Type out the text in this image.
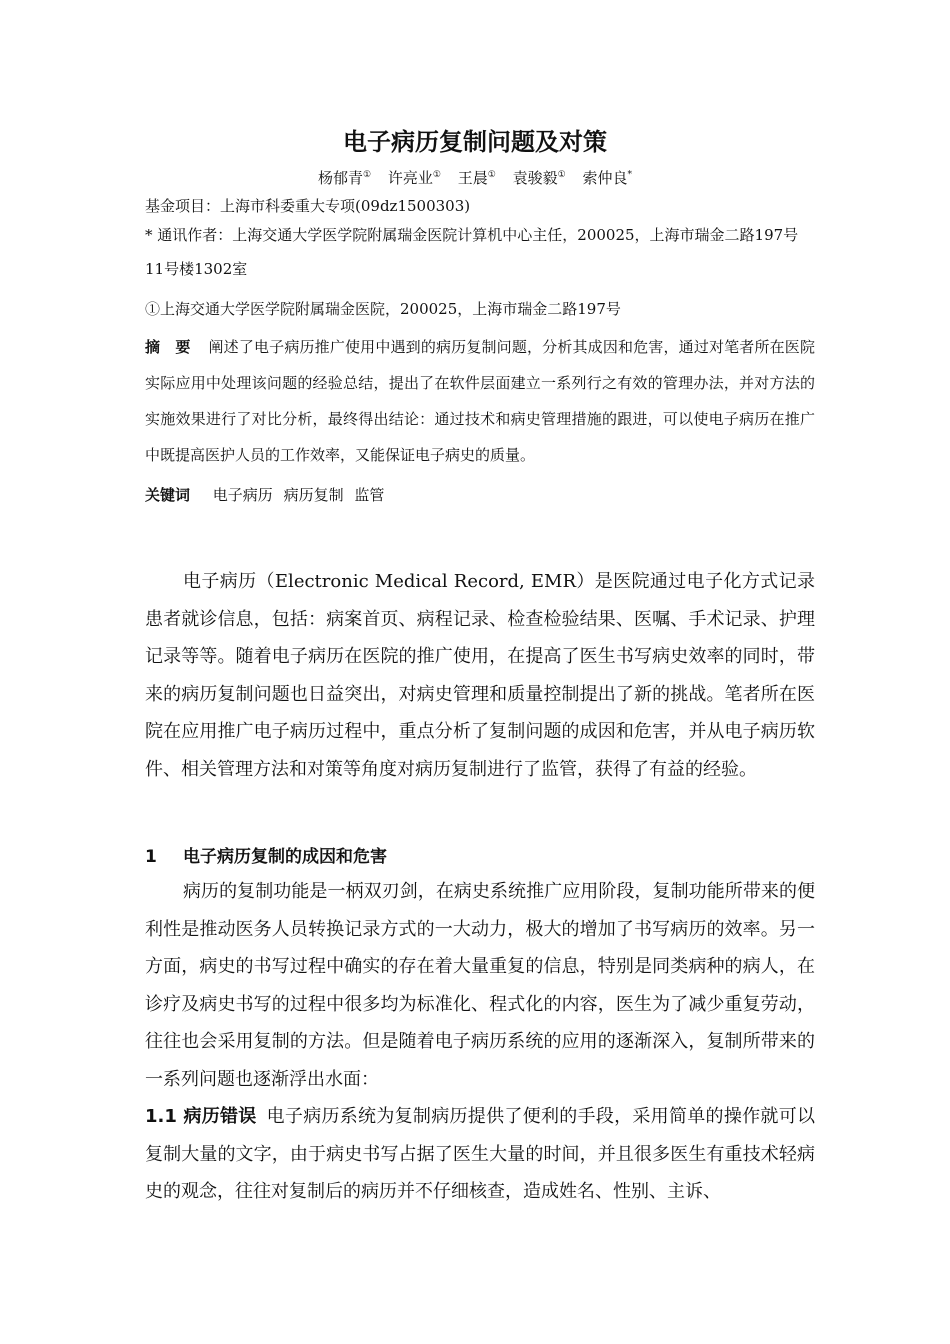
电子病历复制问题及对策
杨郁青① 许亮业① 王晨① 袁骏毅① 索仲良*
基金项目：上海市科委重大专项(09dz1500303)
* 通讯作者：上海交通大学医学院附属瑞金医院计算机中心主任，200025，上海市瑞金二路197号11号楼1302室
①上海交通大学医学院附属瑞金医院，200025，上海市瑞金二路197号
摘　要 阐述了电子病历推广使用中遇到的病历复制问题，分析其成因和危害，通过对笔者所在医院实际应用中处理该问题的经验总结，提出了在软件层面建立一系列行之有效的管理办法，并对方法的实施效果进行了对比分析，最终得出结论：通过技术和病史管理措施的跟进，可以使电子病历在推广中既提高医护人员的工作效率，又能保证电子病史的质量。
关键词 电子病历 病历复制 监管

电子病历（Electronic Medical Record, EMR）是医院通过电子化方式记录患者就诊信息，包括：病案首页、病程记录、检查检验结果、医嘱、手术记录、护理记录等等。随着电子病历在医院的推广使用，在提高了医生书写病史效率的同时，带来的病历复制问题也日益突出，对病史管理和质量控制提出了新的挑战。笔者所在医院在应用推广电子病历过程中，重点分析了复制问题的成因和危害，并从电子病历软件、相关管理方法和对策等角度对病历复制进行了监管，获得了有益的经验。

1 电子病历复制的成因和危害

病历的复制功能是一柄双刃剑，在病史系统推广应用阶段，复制功能所带来的便利性是推动医务人员转换记录方式的一大动力，极大的增加了书写病历的效率。另一方面，病史的书写过程中确实的存在着大量重复的信息，特别是同类病种的病人，在诊疗及病史书写的过程中很多均为标准化、程式化的内容，医生为了减少重复劳动，往往也会采用复制的方法。但是随着电子病历系统的应用的逐渐深入，复制所带来的一系列问题也逐渐浮出水面：

1.1 病历错误 电子病历系统为复制病历提供了便利的手段，采用简单的操作就可以复制大量的文字，由于病史书写占据了医生大量的时间，并且很多医生有重技术轻病史的观念，往往对复制后的病历并不仔细核查，造成姓名、性别、主诉、
